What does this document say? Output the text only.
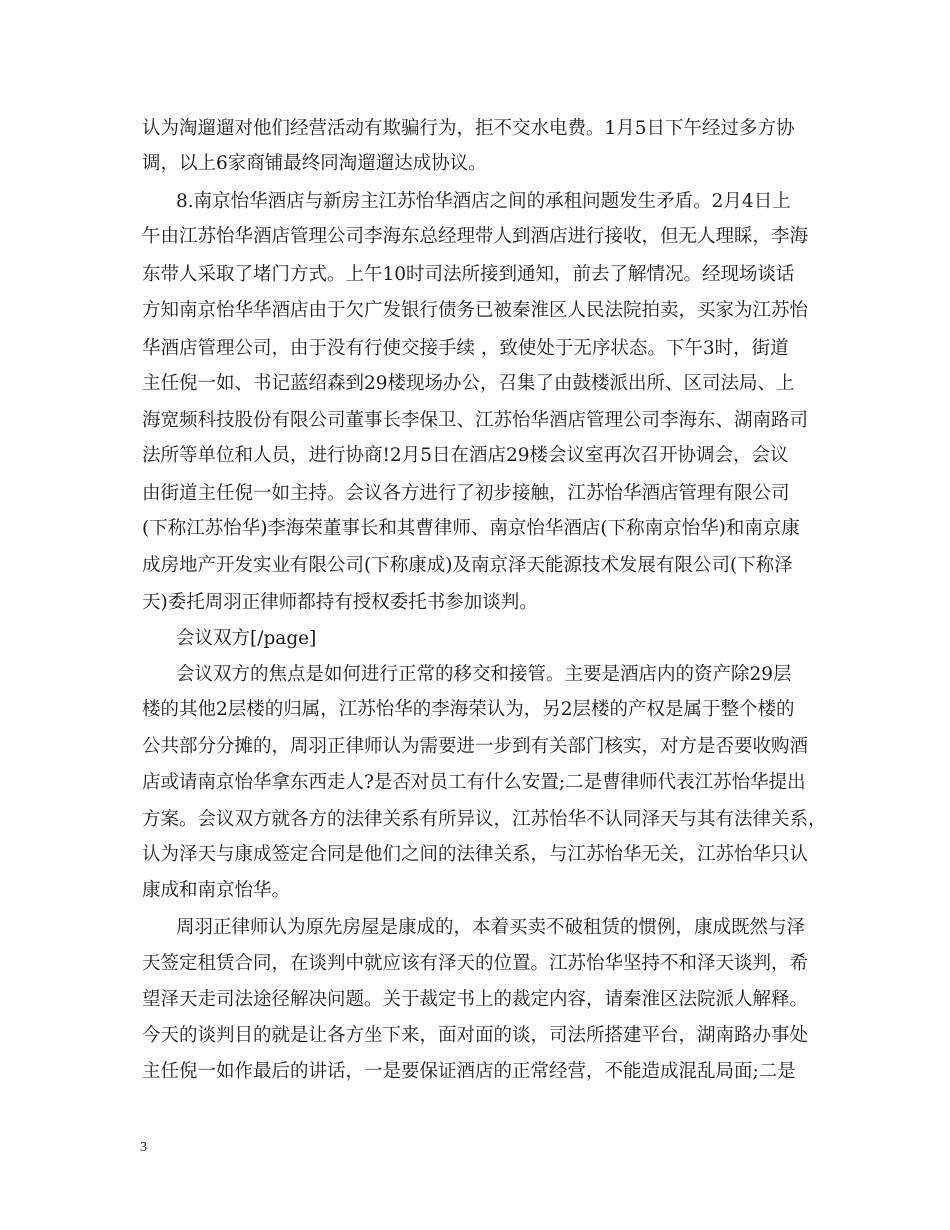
认为淘遛遛对他们经营活动有欺骗行为，拒不交水电费。1月5日下午经过多方协
调，以上6家商铺最终同淘遛遛达成协议。
8.南京怡华酒店与新房主江苏怡华酒店之间的承租问题发生矛盾。2月4日上
午由江苏怡华酒店管理公司李海东总经理带人到酒店进行接收，但无人理睬，李海
东带人采取了堵门方式。上午10时司法所接到通知，前去了解情况。经现场谈话
方知南京怡华华酒店由于欠广发银行债务已被秦淮区人民法院拍卖，买家为江苏怡
华酒店管理公司，由于没有行使交接手续 ，致使处于无序状态。下午3时，街道
主任倪一如、书记蓝绍森到29楼现场办公，召集了由鼓楼派出所、区司法局、上
海宽频科技股份有限公司董事长李保卫、江苏怡华酒店管理公司李海东、湖南路司
法所等单位和人员，进行协商!2月5日在酒店29楼会议室再次召开协调会，会议
由街道主任倪一如主持。会议各方进行了初步接触，江苏怡华酒店管理有限公司
(下称江苏怡华)李海荣董事长和其曹律师、南京怡华酒店(下称南京怡华)和南京康
成房地产开发实业有限公司(下称康成)及南京泽天能源技术发展有限公司(下称泽
天)委托周羽正律师都持有授权委托书参加谈判。
会议双方[/page]
会议双方的焦点是如何进行正常的移交和接管。主要是酒店内的资产除29层
楼的其他2层楼的归属，江苏怡华的李海荣认为，另2层楼的产权是属于整个楼的
公共部分分摊的，周羽正律师认为需要进一步到有关部门核实，对方是否要收购酒
店或请南京怡华拿东西走人?是否对员工有什么安置;二是曹律师代表江苏怡华提出
方案。会议双方就各方的法律关系有所异议，江苏怡华不认同泽天与其有法律关系，
认为泽天与康成签定合同是他们之间的法律关系，与江苏怡华无关，江苏怡华只认
康成和南京怡华。
周羽正律师认为原先房屋是康成的，本着买卖不破租赁的惯例，康成既然与泽
天签定租赁合同，在谈判中就应该有泽天的位置。江苏怡华坚持不和泽天谈判，希
望泽天走司法途径解决问题。关于裁定书上的裁定内容，请秦淮区法院派人解释。
今天的谈判目的就是让各方坐下来，面对面的谈，司法所搭建平台，湖南路办事处
主任倪一如作最后的讲话，一是要保证酒店的正常经营，不能造成混乱局面;二是
3
